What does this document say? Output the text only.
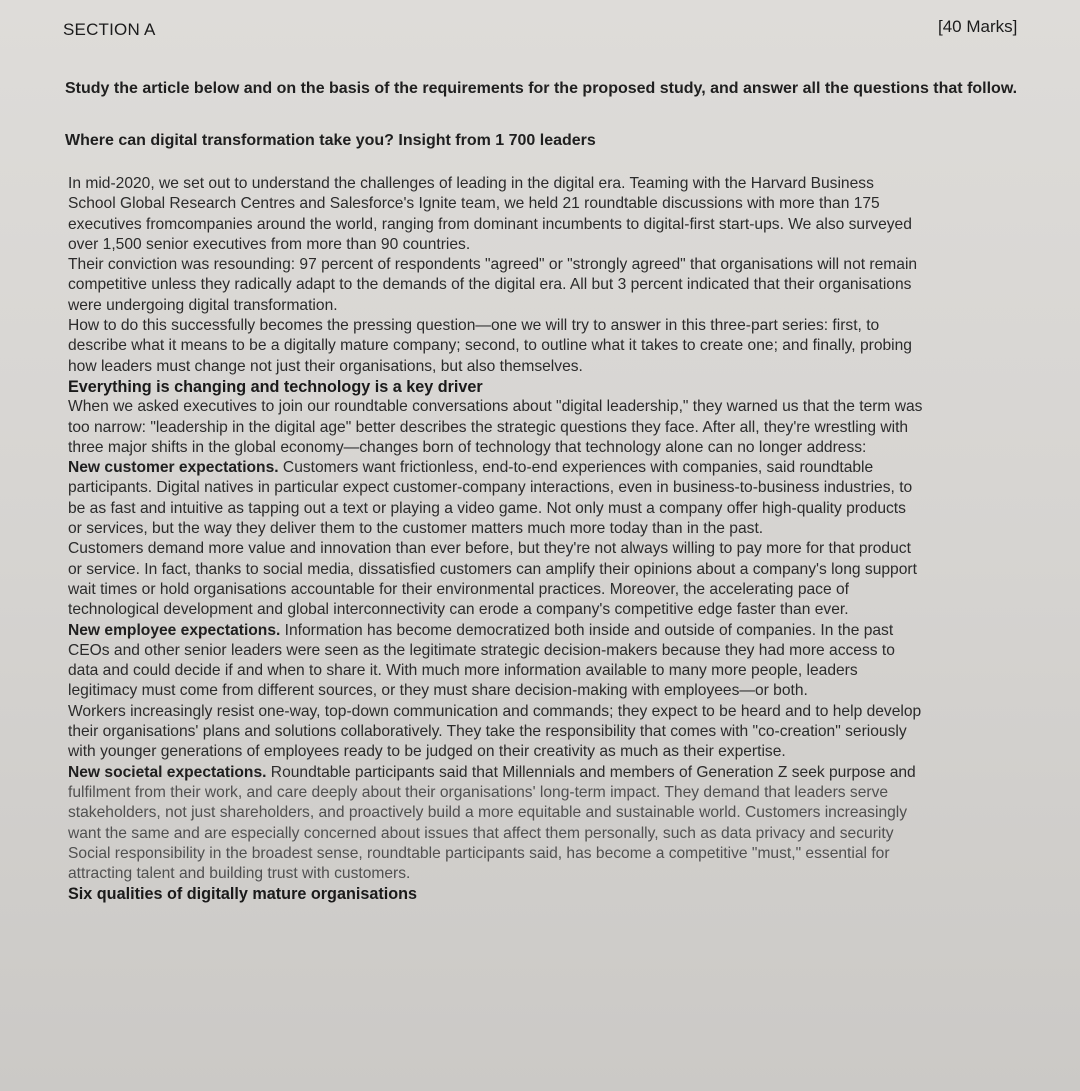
SECTION A	[40 Marks]
Study the article below and on the basis of the requirements for the proposed study, and answer all the questions that follow.
Where can digital transformation take you? Insight from 1 700 leaders
In mid-2020, we set out to understand the challenges of leading in the digital era. Teaming with the Harvard Business
School Global Research Centres and Salesforce's Ignite team, we held 21 roundtable discussions with more than 175
executives fromcompanies around the world, ranging from dominant incumbents to digital-first start-ups. We also surveyed
over 1,500 senior executives from more than 90 countries.
Their conviction was resounding: 97 percent of respondents "agreed" or "strongly agreed" that organisations will not remain
competitive unless they radically adapt to the demands of the digital era. All but 3 percent indicated that their organisations
were undergoing digital transformation.
How to do this successfully becomes the pressing question—one we will try to answer in this three-part series: first, to
describe what it means to be a digitally mature company; second, to outline what it takes to create one; and finally, probing
how leaders must change not just their organisations, but also themselves.
Everything is changing and technology is a key driver
When we asked executives to join our roundtable conversations about "digital leadership," they warned us that the term was
too narrow: "leadership in the digital age" better describes the strategic questions they face. After all, they're wrestling with
three major shifts in the global economy—changes born of technology that technology alone can no longer address:
New customer expectations. Customers want frictionless, end-to-end experiences with companies, said roundtable
participants. Digital natives in particular expect customer-company interactions, even in business-to-business industries, to
be as fast and intuitive as tapping out a text or playing a video game. Not only must a company offer high-quality products
or services, but the way they deliver them to the customer matters much more today than in the past.
Customers demand more value and innovation than ever before, but they're not always willing to pay more for that product
or service. In fact, thanks to social media, dissatisfied customers can amplify their opinions about a company's long support
wait times or hold organisations accountable for their environmental practices. Moreover, the accelerating pace of
technological development and global interconnectivity can erode a company's competitive edge faster than ever.
New employee expectations. Information has become democratized both inside and outside of companies. In the past
CEOs and other senior leaders were seen as the legitimate strategic decision-makers because they had more access to
data and could decide if and when to share it. With much more information available to many more people, leaders
legitimacy must come from different sources, or they must share decision-making with employees—or both.
Workers increasingly resist one-way, top-down communication and commands; they expect to be heard and to help develop
their organisations' plans and solutions collaboratively. They take the responsibility that comes with "co-creation" seriously
with younger generations of employees ready to be judged on their creativity as much as their expertise.
New societal expectations. Roundtable participants said that Millennials and members of Generation Z seek purpose and
fulfilment from their work, and care deeply about their organisations' long-term impact. They demand that leaders serve
stakeholders, not just shareholders, and proactively build a more equitable and sustainable world. Customers increasingly
want the same and are especially concerned about issues that affect them personally, such as data privacy and security
Social responsibility in the broadest sense, roundtable participants said, has become a competitive "must," essential for
attracting talent and building trust with customers.
Six qualities of digitally mature organisations
